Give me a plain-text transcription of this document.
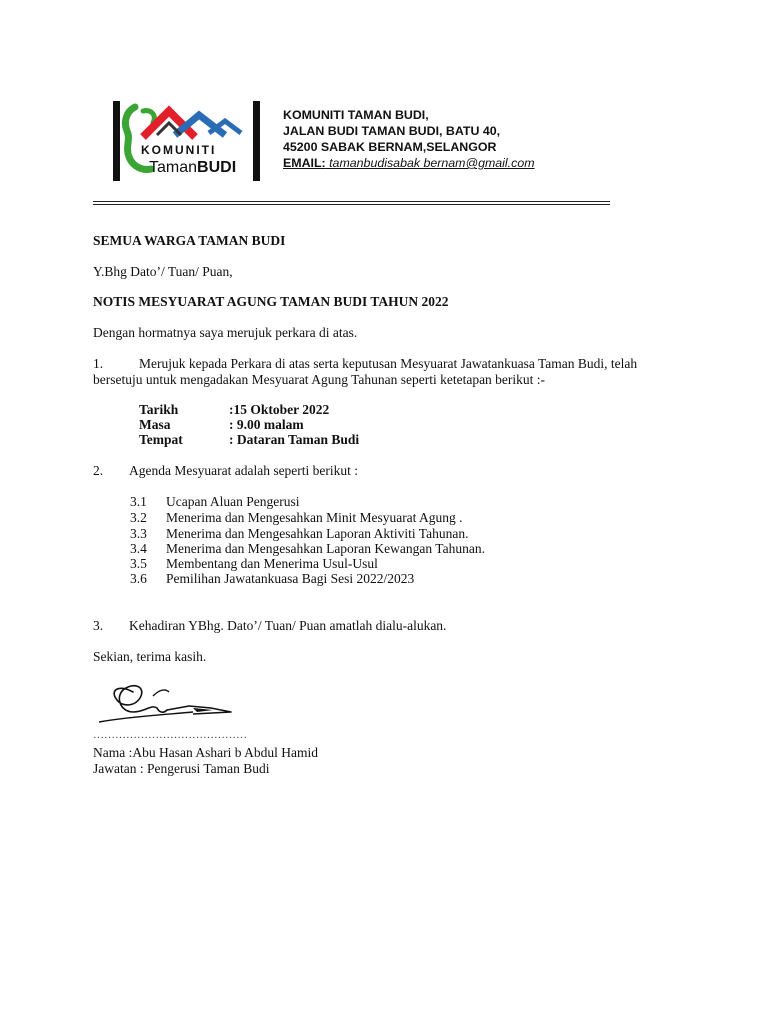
KOMUNITI
TamanBUDI
KOMUNITI TAMAN BUDI,
JALAN BUDI TAMAN BUDI, BATU 40,
45200 SABAK BERNAM,SELANGOR
EMAIL: tamanbudisabak bernam@gmail.com
SEMUA WARGA TAMAN BUDI
Y.Bhg Dato’/ Tuan/ Puan,
NOTIS MESYUARAT AGUNG TAMAN BUDI TAHUN 2022
Dengan hormatnya saya merujuk perkara di atas.
1.	Merujuk kepada Perkara di atas serta keputusan Mesyuarat Jawatankuasa Taman Budi, telah
bersetuju untuk mengadakan Mesyuarat Agung Tahunan seperti ketetapan berikut :-
Tarikh	:15 Oktober 2022
Masa	: 9.00 malam
Tempat	: Dataran Taman Budi
2. Agenda Mesyuarat adalah seperti berikut :
3.1 Ucapan Aluan Pengerusi
3.2 Menerima dan Mengesahkan Minit Mesyuarat Agung .
3.3 Menerima dan Mengesahkan Laporan Aktiviti Tahunan.
3.4 Menerima dan Mengesahkan Laporan Kewangan Tahunan.
3.5 Membentang dan Menerima Usul-Usul
3.6 Pemilihan Jawatankuasa Bagi Sesi 2022/2023
3. Kehadiran YBhg. Dato’/ Tuan/ Puan amatlah dialu-alukan.
Sekian, terima kasih.
……………………………………
Nama :Abu Hasan Ashari b Abdul Hamid
Jawatan : Pengerusi Taman Budi
